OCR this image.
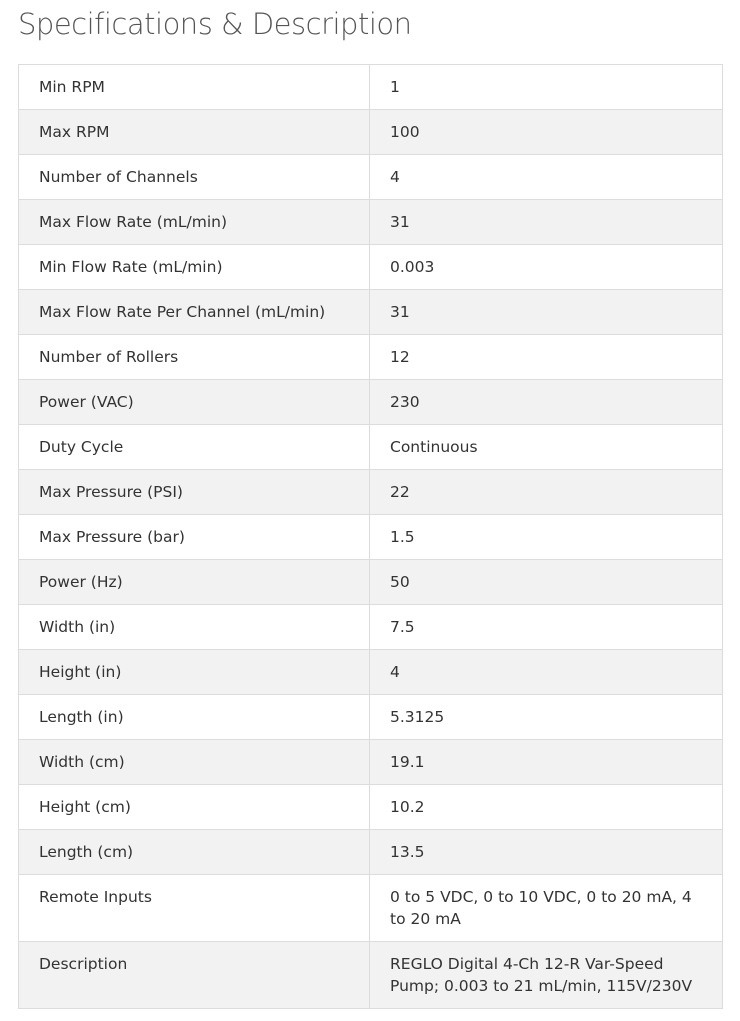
Specifications & Description
Min RPM	1
Max RPM	100
Number of Channels	4
Max Flow Rate (mL/min)	31
Min Flow Rate (mL/min)	0.003
Max Flow Rate Per Channel (mL/min)	31
Number of Rollers	12
Power (VAC)	230
Duty Cycle	Continuous
Max Pressure (PSI)	22
Max Pressure (bar)	1.5
Power (Hz)	50
Width (in)	7.5
Height (in)	4
Length (in)	5.3125
Width (cm)	19.1
Height (cm)	10.2
Length (cm)	13.5
Remote Inputs	0 to 5 VDC, 0 to 10 VDC, 0 to 20 mA, 4 to 20 mA
Description	REGLO Digital 4-Ch 12-R Var-Speed Pump; 0.003 to 21 mL/min, 115V/230V
